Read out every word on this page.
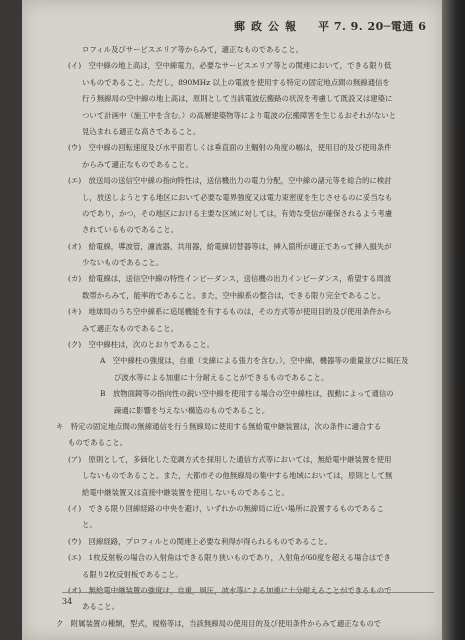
郵政公報 平 7. 9. 20─電通 6
ロフィル及びサービスエリア等からみて，適正なものであること。
(イ)　空中線の地上高は，空中線電力，必要なサービスエリア等との関連において，できる限り低
いものであること。ただし，890MHz 以上の電波を使用する特定の固定地点間の無線通信を
行う無線局の空中線の地上高は，原則として当該電波伝搬路の状況を考慮して既設又は建築に
ついて計画中（施工中を含む。）の高層建築物等により電波の伝搬障害を生じるおそれがないと
見込まれる適正な高さであること。
(ウ)　空中線の回転速度及び水平面若しくは垂直面の主輻射の角度の幅は，使用目的及び使用条件
からみて適正なものであること。
(エ)　放送局の送信空中線の指向特性は，送信機出力の電力分配，空中線の諸元等を総合的に検討
し，放送しようとする地区において必要な電界強度又は電力束密度を生じさせるのに妥当なも
のであり，かつ，その地区における主要な区域に対しては，有効な受信が確保されるよう考慮
されているものであること。
(オ)　給電線，導波管，濾波器，共用器，給電線切替器等は，挿入箇所が適正であって挿入損失が
少ないものであること。
(カ)　給電線は，送信空中線の特性インピーダンス，送信機の出力インピーダンス，希望する周波
数帯からみて，能率的であること。また，空中線系の整合は，できる限り完全であること。
(キ)　地球局のうち空中線系に追尾機能を有するものは，その方式等が使用目的及び使用条件から
みて適正なものであること。
(ク)　空中線柱は，次のとおりであること。
A　空中線柱の強度は，自重（支線による張力を含む。），空中線，機器等の重量並びに風圧及
び波水等による加重に十分耐えることができるものであること。
B　放物面鏡等の指向性の鋭い空中線を使用する場合の空中線柱は，振動によって通信の
疎通に影響を与えない構造のものであること。
キ　特定の固定地点間の無線通信を行う無線局に使用する無給電中継装置は，次の条件に適合する
ものであること。
(ア)　原則として，多価化した変調方式を採用した通信方式等においては，無給電中継装置を使用
しないものであること。また，大都市その他無線局の集中する地域においては，原則として無
給電中継装置又は直接中継装置を使用しないものであること。
(イ)　できる限り回線経路の中央を避け，いずれかの無線局に近い場所に設置するものであるこ
と。
(ウ)　回線経路，プロフィルとの関連上必要な利得が得られるものであること。
(エ)　1枚反射板の場合の入射角はできる限り狭いものであり，入射角が60度を超える場合はでき
る限り2枚反射板であること。
(オ)　無給電中継装置の強度は，自重，風圧，波水等による加重に十分耐えることができるもので
あること。
ク　附属装置の種類，型式，規格等は，当該無線局の使用目的及び使用条件からみて適正なもので
34
